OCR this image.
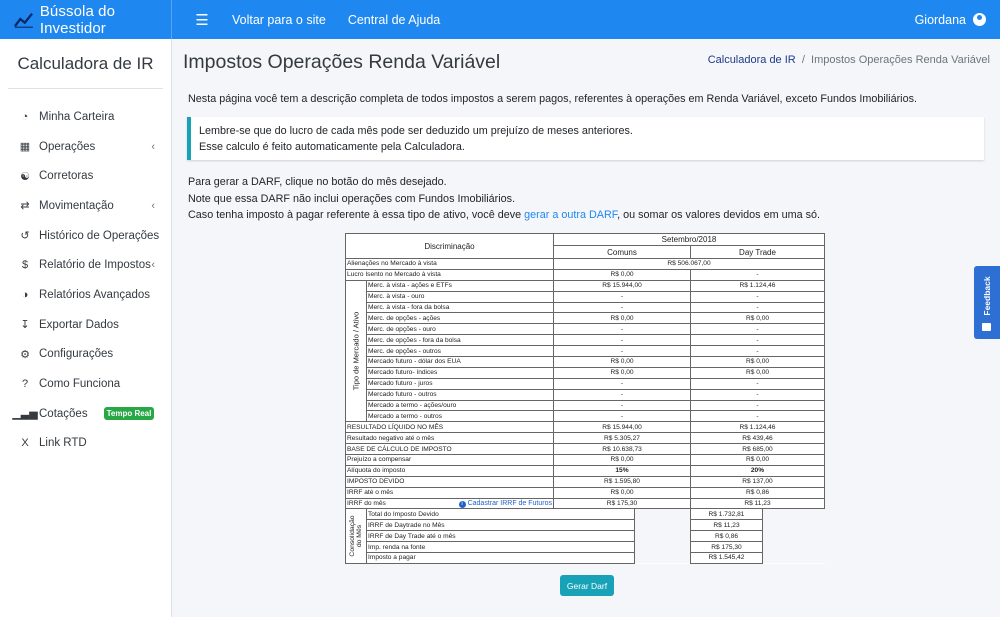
Bússola do Investidor	☰	Voltar para o site Central de Ajuda	Giordana
Calculadora de IR
◔ Minha Carteira
▦ Operações	‹
☯ Corretoras
⇄ Movimentação	‹
↺ Histórico de Operações
$ Relatório de Impostos ‹
◑ Relatórios Avançados
↧ Exportar Dados
⚙ Configurações
? Como Funciona
▁▃▅ Cotações	Tempo Real
X Link RTD
Impostos Operações Renda Variável	Calculadora de IR  /  Impostos Operações Renda Variável
Nesta página você tem a descrição completa de todos impostos a serem pagos, referentes à operações em Renda Variável, exceto Fundos Imobiliários.
Lembre-se que do lucro de cada mês pode ser deduzido um prejuízo de meses anteriores.
Esse calculo é feito automaticamente pela Calculadora.
Para gerar a DARF, clique no botão do mês desejado.
Note que essa DARF não inclui operações com Fundos Imobiliários.
Caso tenha imposto à pagar referente à essa tipo de ativo, você deve gerar a outra DARF, ou somar os valores devidos em uma só.
Discriminação		Setembro/2018			
		Comuns		Day Trade	
Alienações no Mercado à vista		R$ 506.067,00			
Lucro Isento no Mercado à vista		R$ 0,00		-	

Tipo de Mercado / Ativo	Merc. à vista - ações e ETFs	R$ 15.944,00		R$ 1.124,46	
	Merc. à vista - ouro	-		-	
	Merc. à vista - fora da bolsa	-		-	
	Merc. de opções - ações	R$ 0,00		R$ 0,00	
	Merc. de opções - ouro	-		-	
	Merc. de opções - fora da bolsa	-		-	
	Merc. de opções - outros	-		-	
	Mercado futuro - dólar dos EUA	R$ 0,00		R$ 0,00	
	Mercado futuro- índices	R$ 0,00		R$ 0,00	
	Mercado futuro - juros	-		-	
	Mercado futuro - outros	-		-	
	Mercado a termo - ações/ouro	-		-	
	Mercado a termo - outros	-		-	
RESULTADO LÍQUIDO NO MÊS		R$ 15.944,00		R$ 1.124,46	
Resultado negativo até o mês		R$ 5.305,27		R$ 439,46	
BASE DE CÁLCULO DE IMPOSTO		R$ 10.638,73		R$ 685,00	
Prejuízo a compensar		R$ 0,00		R$ 0,00	
Alíquota do imposto		15%		20%	
IMPOSTO DEVIDO		R$ 1.595,80		R$ 137,00	
IRRF até o mês		R$ 0,00		R$ 0,86	
IRRF do mês i Cadastrar IRRF de Futuros		R$ 175,30		R$ 11,23	

Consolidação do Mês	Total do Imposto Devido			R$ 1.732,81	
	IRRF de Daytrade no Mês			R$ 11,23	
	IRRF de Day Trade até o mês			R$ 0,86	
	Imp. renda na fonte			R$ 175,30	
	Imposto a pagar			R$ 1.545,42	
Gerar Darf
Feedback
